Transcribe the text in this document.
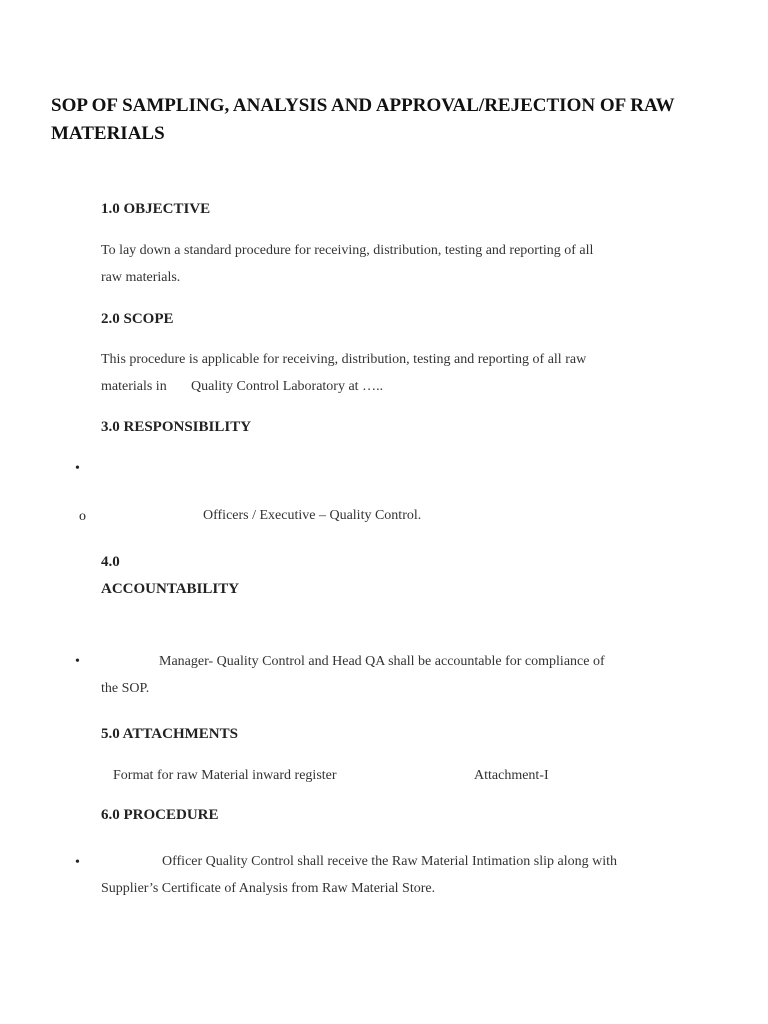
SOP OF SAMPLING, ANALYSIS AND APPROVAL/REJECTION OF RAW
MATERIALS
1.0 OBJECTIVE
To lay down a standard procedure for receiving, distribution, testing and reporting of all
raw materials.
2.0 SCOPE
This procedure is applicable for receiving, distribution, testing and reporting of all raw
materials in Quality Control Laboratory at …..
3.0 RESPONSIBILITY
•
o	Officers / Executive – Quality Control.
4.0
ACCOUNTABILITY
•	Manager- Quality Control and Head QA shall be accountable for compliance of
the SOP.
5.0 ATTACHMENTS
Format for raw Material inward register	Attachment-I
6.0 PROCEDURE
•	Officer Quality Control shall receive the Raw Material Intimation slip along with
Supplier’s Certificate of Analysis from Raw Material Store.
